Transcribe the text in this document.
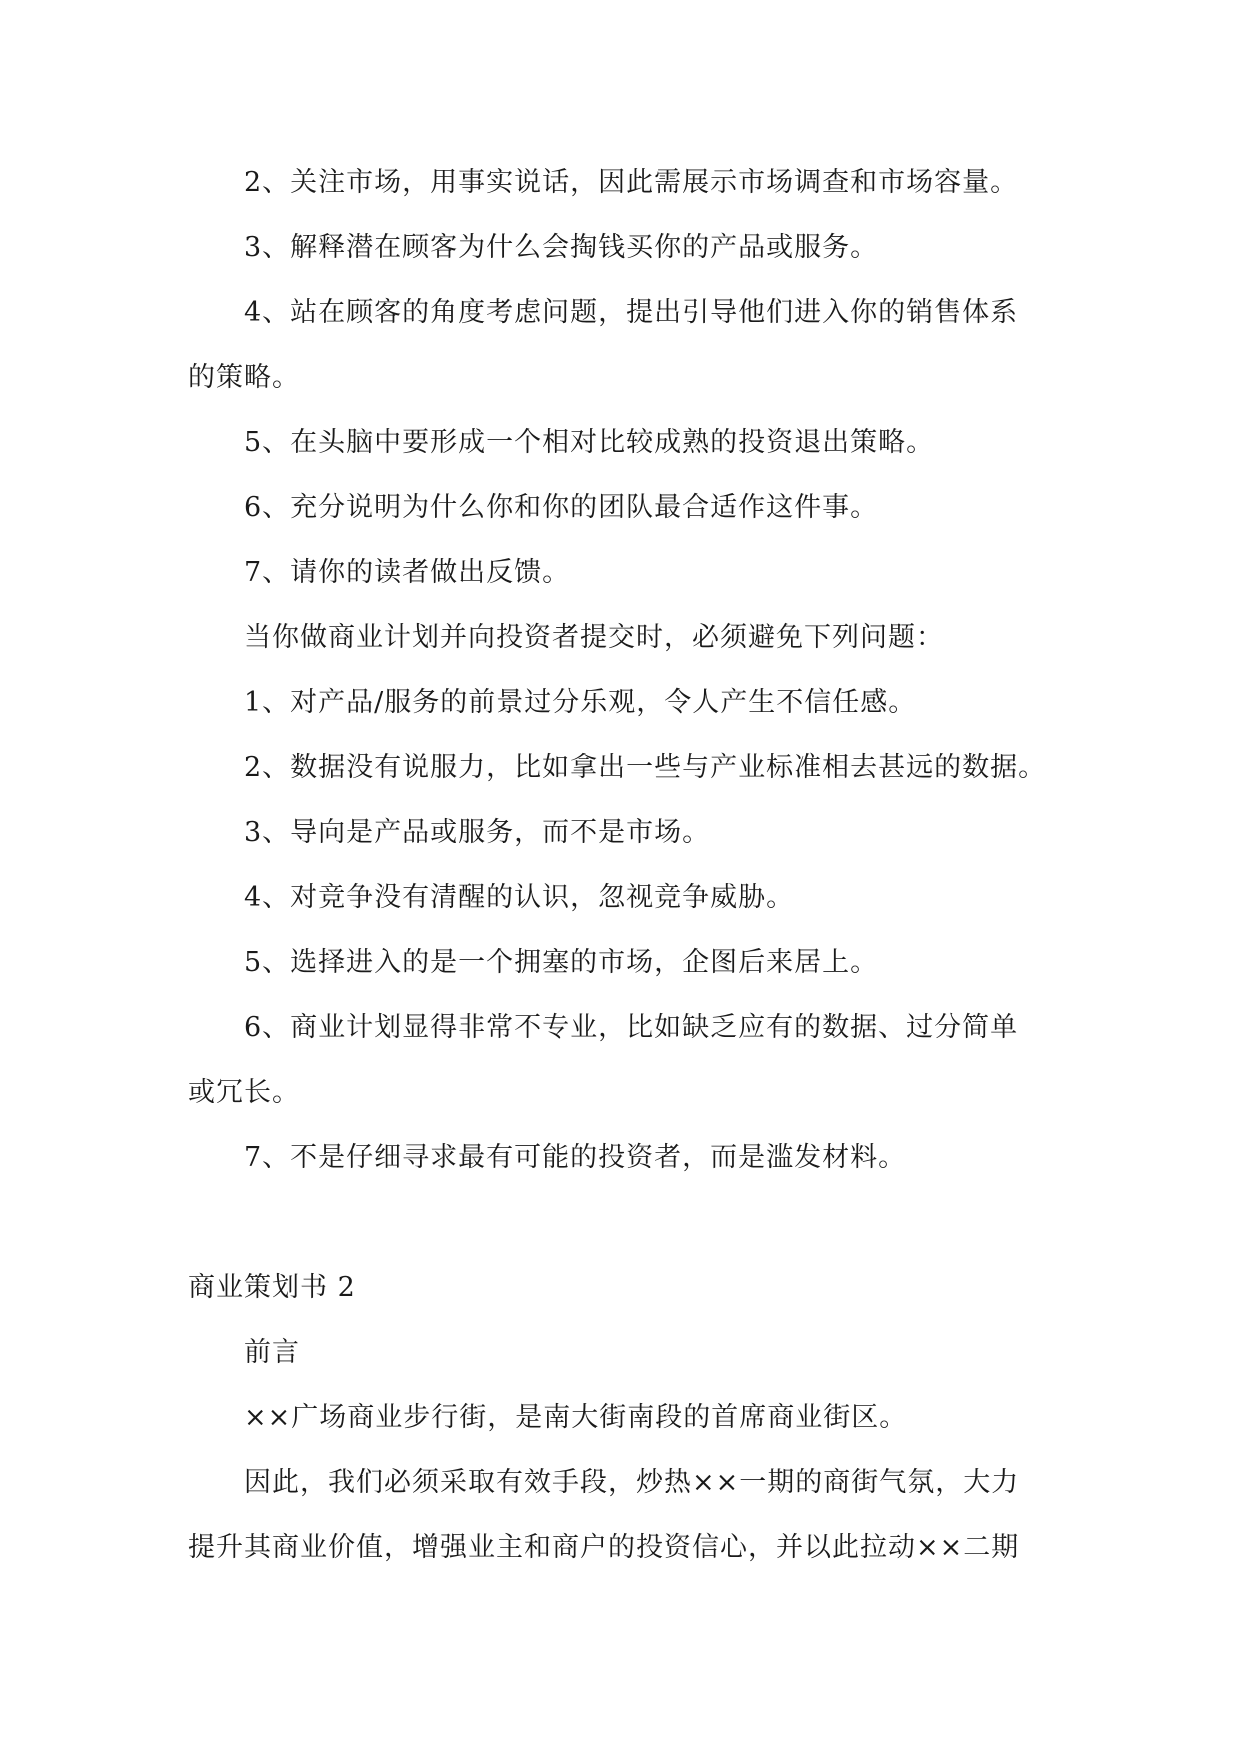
2、关注市场，用事实说话，因此需展示市场调查和市场容量。
3、解释潜在顾客为什么会掏钱买你的产品或服务。
4、站在顾客的角度考虑问题，提出引导他们进入你的销售体系
的策略。
5、在头脑中要形成一个相对比较成熟的投资退出策略。
6、充分说明为什么你和你的团队最合适作这件事。
7、请你的读者做出反馈。
当你做商业计划并向投资者提交时，必须避免下列问题：
1、对产品/服务的前景过分乐观，令人产生不信任感。
2、数据没有说服力，比如拿出一些与产业标准相去甚远的数据。
3、导向是产品或服务，而不是市场。
4、对竞争没有清醒的认识，忽视竞争威胁。
5、选择进入的是一个拥塞的市场，企图后来居上。
6、商业计划显得非常不专业，比如缺乏应有的数据、过分简单
或冗长。
7、不是仔细寻求最有可能的投资者，而是滥发材料。
商业策划书 2
前言
××广场商业步行街，是南大街南段的首席商业街区。
因此，我们必须采取有效手段，炒热××一期的商街气氛，大力
提升其商业价值，增强业主和商户的投资信心，并以此拉动××二期
